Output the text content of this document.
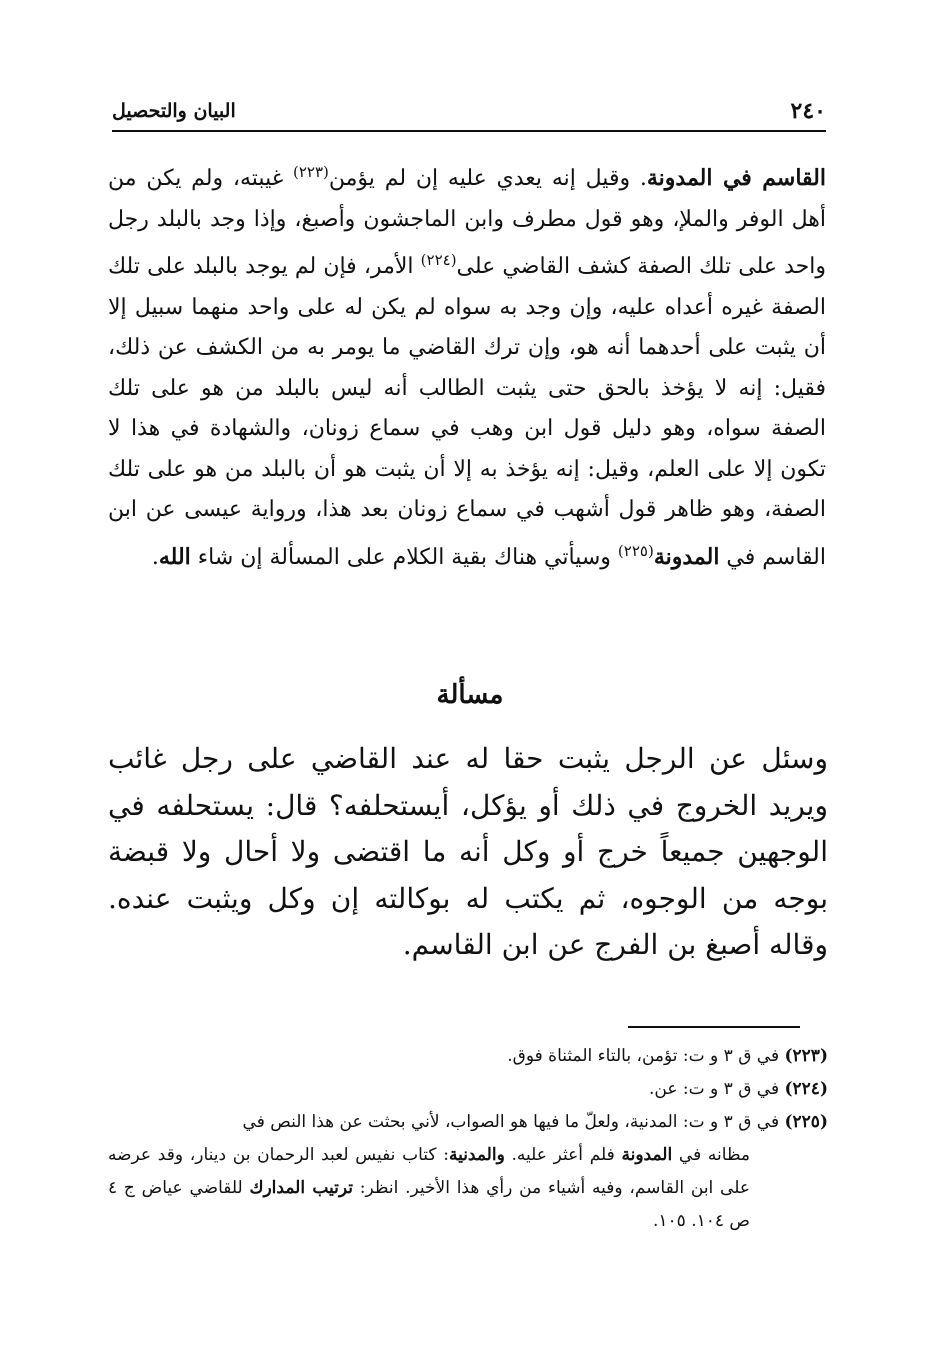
٢٤٠
البيان والتحصيل

القاسم في المدونة. وقيل إنه يعدي عليه إن لم يؤمن$^{(٢٢٣)}$ غيبته، ولم يكن من أهل الوفر والملإ، وهو قول مطرف وابن الماجشون وأصبغ، وإذا وجد بالبلد رجل واحد على تلك الصفة كشف القاضي على$^{(٢٢٤)}$ الأمر، فإن لم يوجد بالبلد على تلك الصفة غيره أعداه عليه، وإن وجد به سواه لم يكن له على واحد منهما سبيل إلا أن يثبت على أحدهما أنه هو، وإن ترك القاضي ما يومر به من الكشف عن ذلك، فقيل: إنه لا يؤخذ بالحق حتى يثبت الطالب أنه ليس بالبلد من هو على تلك الصفة سواه، وهو دليل قول ابن وهب في سماع زونان، والشهادة في هذا لا تكون إلا على العلم، وقيل: إنه يؤخذ به إلا أن يثبت هو أن بالبلد من هو على تلك الصفة، وهو ظاهر قول أشهب في سماع زونان بعد هذا، ورواية عيسى عن ابن القاسم في المدونة$^{(٢٢٥)}$ وسيأتي هناك بقية الكلام على المسألة إن شاء الله.

مسألة

وسئل عن الرجل يثبت حقا له عند القاضي على رجل غائب ويريد الخروج في ذلك أو يؤكل، أيستحلفه؟ قال: يستحلفه في الوجهين جميعاً خرج أو وكل أنه ما اقتضى ولا أحال ولا قبضة بوجه من الوجوه، ثم يكتب له بوكالته إن وكل ويثبت عنده. وقاله أصبغ بن الفرج عن ابن القاسم.

(٢٢٣) في ق ٣ و ت: تؤمن، بالتاء المثناة فوق.

(٢٢٤) في ق ٣ و ت: عن.

(٢٢٥) في ق ٣ و ت: المدنية، ولعلّ ما فيها هو الصواب، لأني بحثت عن هذا النص في

مظانه في المدونة فلم أعثر عليه. والمدنية: كتاب نفيس لعبد الرحمان بن دينار، وقد عرضه على ابن القاسم، وفيه أشياء من رأي هذا الأخير. انظر: ترتيب المدارك للقاضي عياض ج ٤ ص ١٠٤. ١٠٥.
